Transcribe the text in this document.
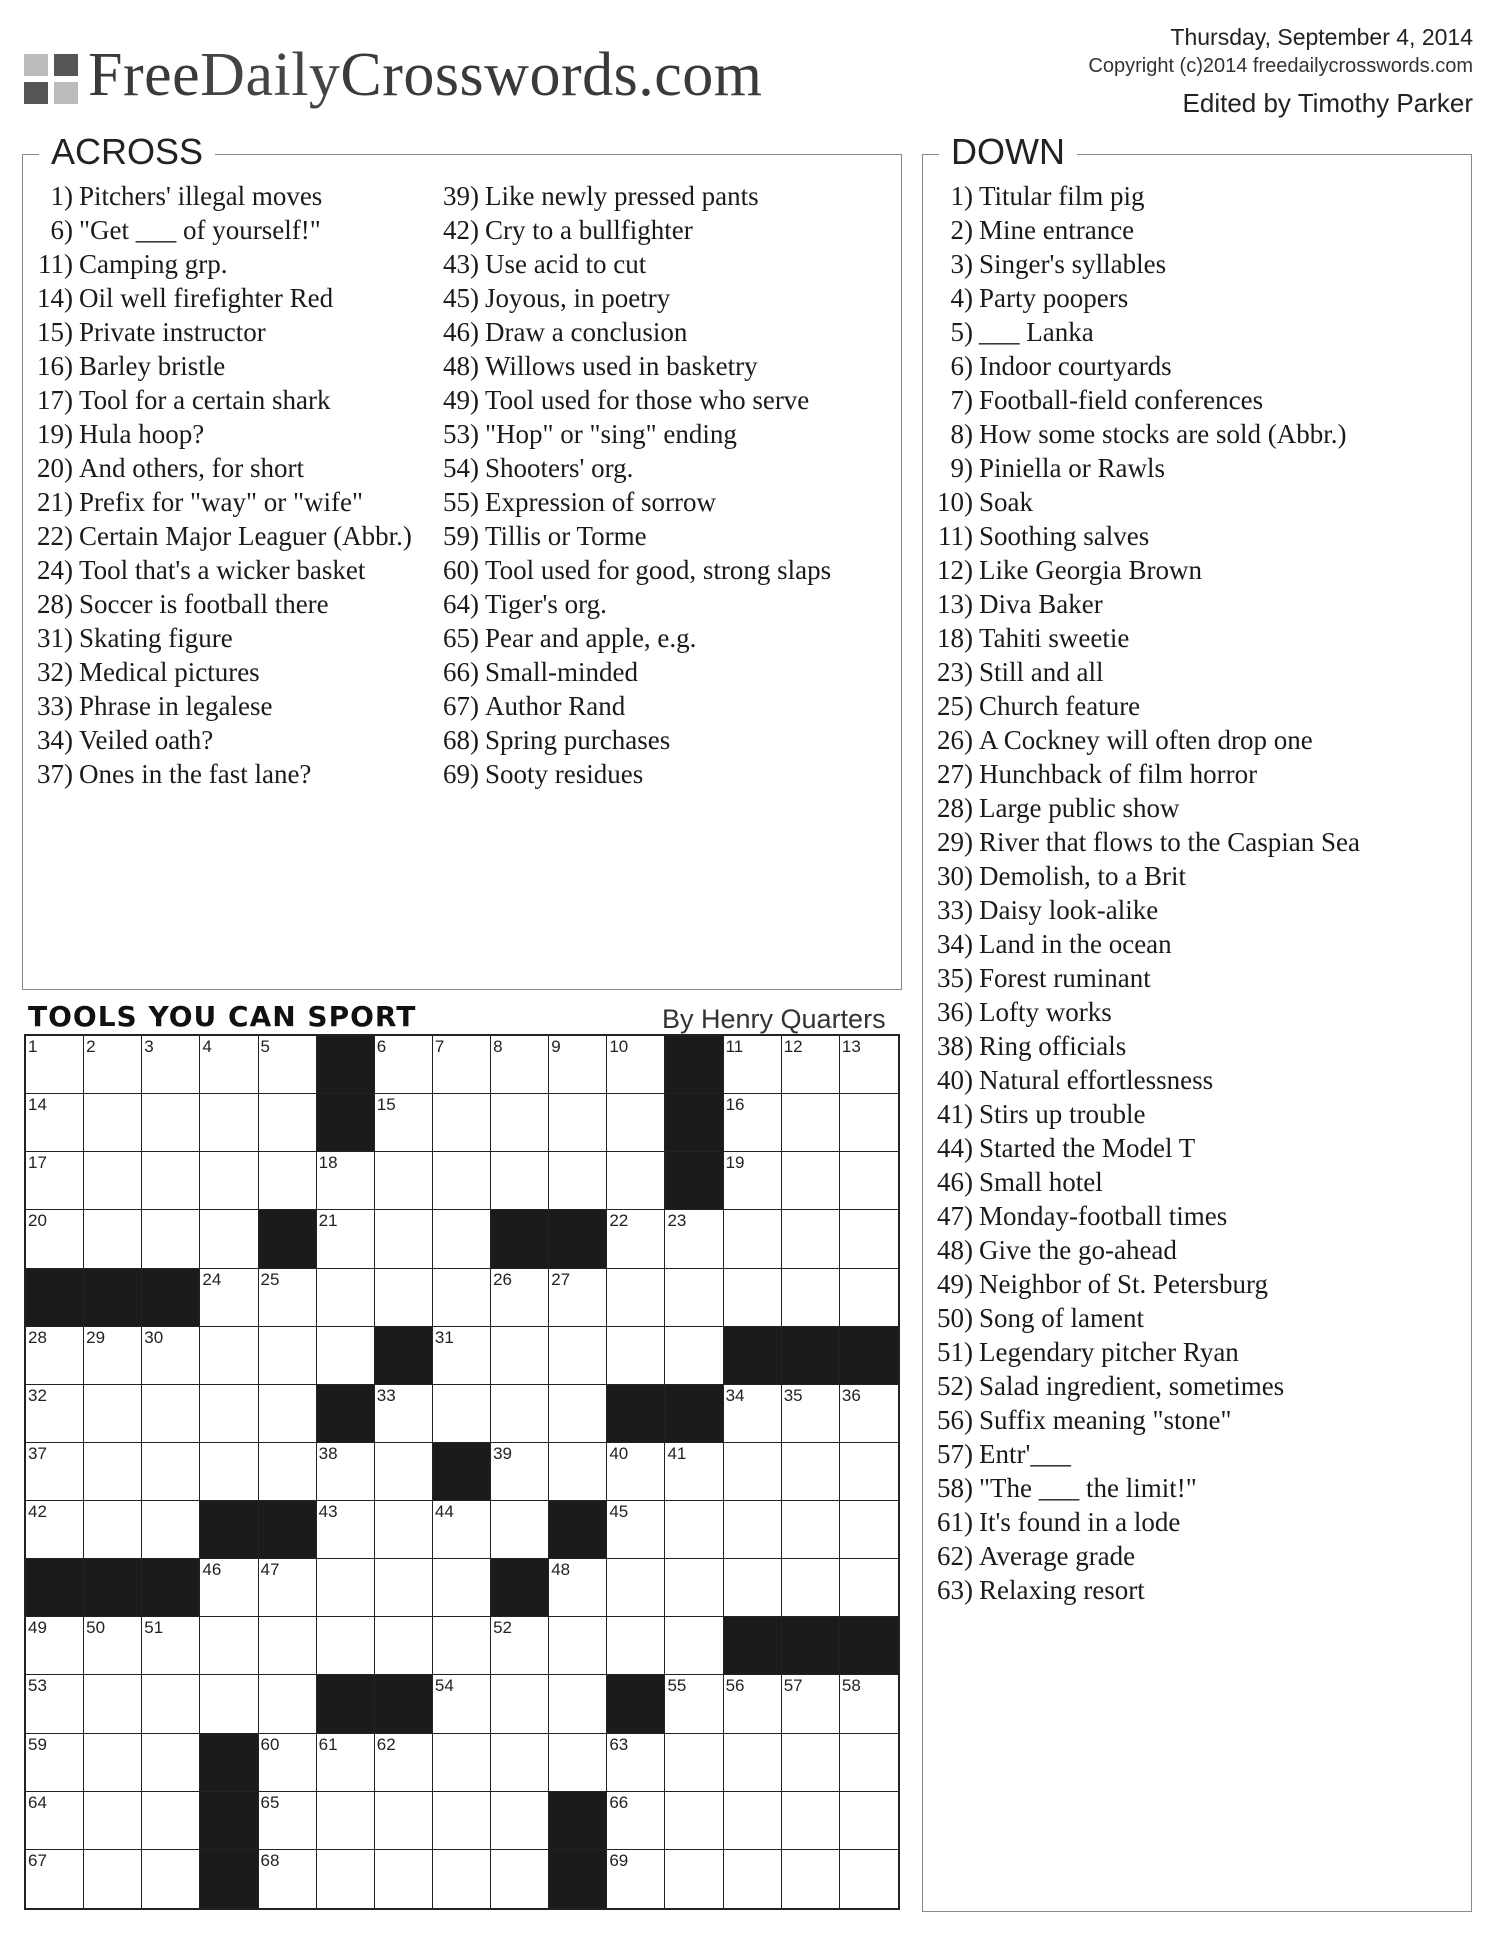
FreeDailyCrosswords.com
Thursday, September 4, 2014
Copyright (c)2014 freedailycrosswords.com
Edited by Timothy Parker
ACROSS
1) Pitchers' illegal moves
6) "Get ___ of yourself!"
11) Camping grp.
14) Oil well firefighter Red
15) Private instructor
16) Barley bristle
17) Tool for a certain shark
19) Hula hoop?
20) And others, for short
21) Prefix for "way" or "wife"
22) Certain Major Leaguer (Abbr.)
24) Tool that's a wicker basket
28) Soccer is football there
31) Skating figure
32) Medical pictures
33) Phrase in legalese
34) Veiled oath?
37) Ones in the fast lane?
39) Like newly pressed pants
42) Cry to a bullfighter
43) Use acid to cut
45) Joyous, in poetry
46) Draw a conclusion
48) Willows used in basketry
49) Tool used for those who serve
53) "Hop" or "sing" ending
54) Shooters' org.
55) Expression of sorrow
59) Tillis or Torme
60) Tool used for good, strong slaps
64) Tiger's org.
65) Pear and apple, e.g.
66) Small-minded
67) Author Rand
68) Spring purchases
69) Sooty residues
DOWN
1) Titular film pig
2) Mine entrance
3) Singer's syllables
4) Party poopers
5) ___ Lanka
6) Indoor courtyards
7) Football-field conferences
8) How some stocks are sold (Abbr.)
9) Piniella or Rawls
10) Soak
11) Soothing salves
12) Like Georgia Brown
13) Diva Baker
18) Tahiti sweetie
23) Still and all
25) Church feature
26) A Cockney will often drop one
27) Hunchback of film horror
28) Large public show
29) River that flows to the Caspian Sea
30) Demolish, to a Brit
33) Daisy look-alike
34) Land in the ocean
35) Forest ruminant
36) Lofty works
38) Ring officials
40) Natural effortlessness
41) Stirs up trouble
44) Started the Model T
46) Small hotel
47) Monday-football times
48) Give the go-ahead
49) Neighbor of St. Petersburg
50) Song of lament
51) Legendary pitcher Ryan
52) Salad ingredient, sometimes
56) Suffix meaning "stone"
57) Entr'___
58) "The ___ the limit!"
61) It's found in a lode
62) Average grade
63) Relaxing resort
TOOLS YOU CAN SPORT	By Henry Quarters
1	2	3	4	5	6	7	8	9	10	11 12 13
14	15	16
17	18	19
20	21	22 23
24 25	26 27
28 29 30	31
32	33	34 35 36
37	38	39	40 41
42	43	44	45
46 47	48
49 50 51	52
53	54	55 56 57 58
59	60 61 62	63
64	65	66
67	68	69
